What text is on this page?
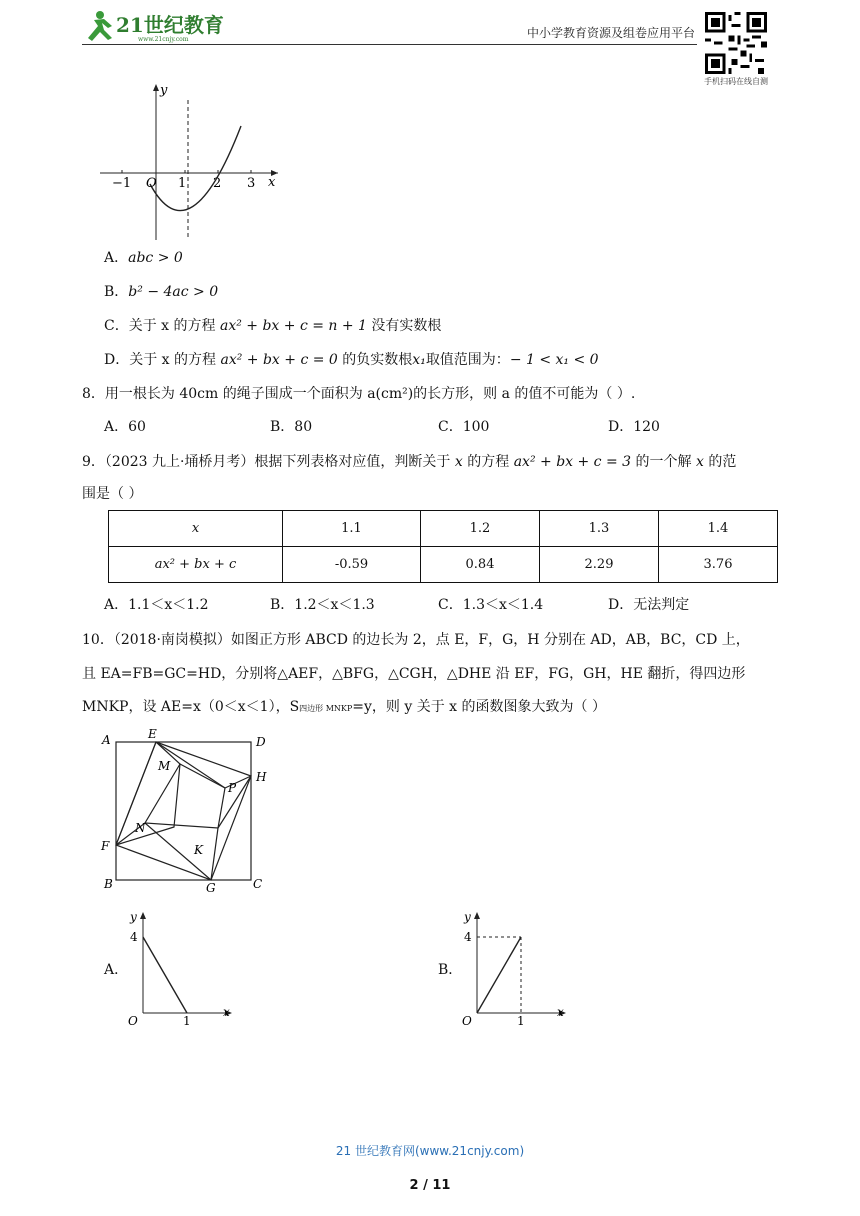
21世纪教育
www.21cnjy.com	中小学教育资源及组卷应用平台
手机扫码在线自测
y
x
O
−1	1 2 3
A．abc > 0
B．b² − 4ac > 0
C．关于 x 的方程 ax² + bx + c = n + 1 没有实数根
D．关于 x 的方程 ax² + bx + c = 0 的负实数根x₁取值范围为：− 1 < x₁ < 0
8．用一根长为 40cm 的绳子围成一个面积为 a(cm²)的长方形，则 a 的值不可能为（ ）.
A．60	B．80	C．100	D．120
9．（2023 九上·埇桥月考）根据下列表格对应值，判断关于 x 的方程 ax² + bx + c = 3 的一个解 x 的范
围是（ ）
x	1.1	1.2	1.3	1.4
ax² + bx + c	-0.59	0.84	2.29	3.76
A．1.1＜x＜1.2	B．1.2＜x＜1.3	C．1.3＜x＜1.4	D．无法判定
10．（2018·南岗模拟）如图正方形 ABCD 的边长为 2，点 E，F，G，H 分别在 AD，AB，BC，CD 上，
且 EA=FB=GC=HD，分别将△AEF，△BFG，△CGH，△DHE 沿 EF，FG，GH，HE 翻折，得四边形
MNKP，设 AE=x（0＜x＜1），S四边形 MNKP=y，则 y 关于 x 的函数图象大致为（ ）
A	E
D
H
M
P
N
K
F
B	G	C
A．
y
x
O
4
1
B．
y
x
O
4
1
21 世纪教育网(www.21cnjy.com)
2 / 11
